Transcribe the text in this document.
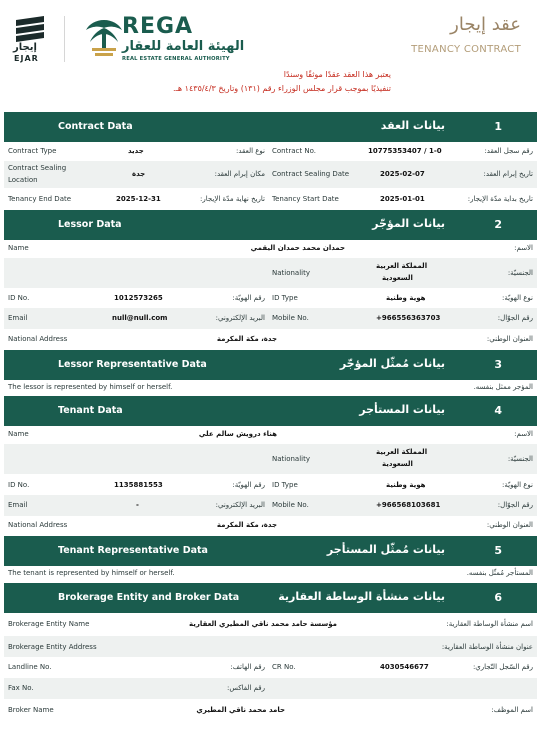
إيجار
EJAR
REGA
الهيئة العامة للعقار
REAL ESTATE GENERAL AUTHORITY
عقد إيجار
TENANCY CONTRACT
يعتبر هذا العقد عقدًا موثقًا وسندًا
تنفيذيًا بموجب قرار مجلس الوزراء رقم (١٣١) وتاريخ ١٤٣٥/٤/٣ هـ.
Contract Data	بيانات العقد	1
Contract Type	جديد	نوع العقد: Contract No.	10775353407 / 1-0	رقم سجل العقد:
Contract Sealing
Location
جدة	مكان إبرام العقد: Contract Sealing Date	2025-02-07	تاريخ إبرام العقد:
Tenancy End Date	2025-12-31	تاريخ نهاية مدّة الإيجار: Tenancy Start Date	2025-01-01	تاريخ بداية مدّة الإيجار:
Lessor Data	بيانات المؤجّر	2
Name	حمدان محمد حمدان اليقمي	الاسم:
Nationality
المملكة العربية
السعودية
الجنسيّة:
ID No.	1012573265	رقم الهويّة: ID Type	هوية وطنية	نوع الهويّة:
Email	null@null.com	البريد الإلكتروني: Mobile No.	+966556363703	رقم الجوّال:
National Address	جدة، مكة المكرمة	العنوان الوطني:
Lessor Representative Data	بيانات مُمثّل المؤجّر	3
The lessor is represented by himself or herself.	المؤجر ممثل بنفسه.
Tenant Data	بيانات المستأجر	4
Name	هناء درويش سالم علي	الاسم:
Nationality
المملكة العربية
السعودية
الجنسيّة:
ID No.	1135881553	رقم الهويّة: ID Type	هوية وطنية	نوع الهويّة:
Email	-	البريد الإلكتروني: Mobile No.	+966568103681	رقم الجوّال:
National Address	جدة، مكة المكرمة	العنوان الوطني:
Tenant Representative Data	بيانات مُمثّل المستأجر	5
The tenant is represented by himself or herself.	المستأجر مُمثّل بنفسه.
Brokerage Entity and Broker Data	بيانات منشأة الوساطة العقارية	6
Brokerage Entity Name	مؤسسة حامد محمد ناقي المطيري العقارية	اسم منشأة الوساطة العقارية:
Brokerage Entity Address	عنوان منشأة الوساطة العقارية:
Landline No.	رقم الهاتف: CR No.	4030546677	رقم السّجل التّجاري:
Fax No.	رقم الفاكس:
Broker Name	حامد محمد ناقي المطيري	اسم الموظف:
